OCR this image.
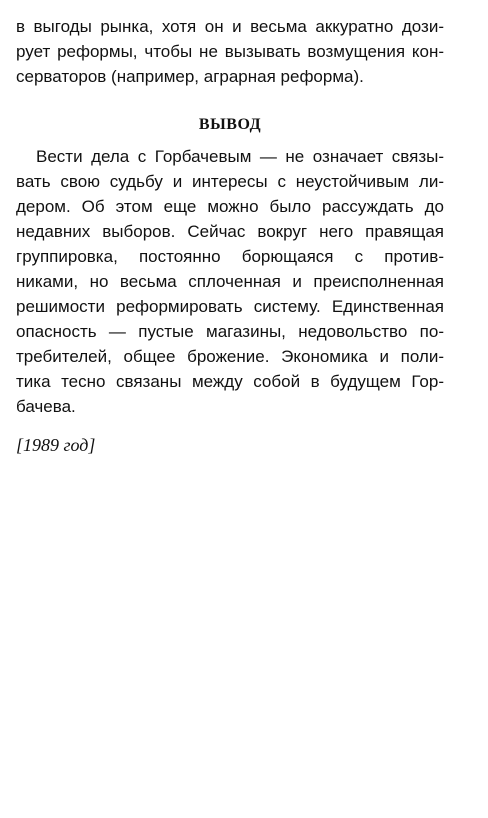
в выгоды рынка, хотя он и весьма аккуратно дози-
рует реформы, чтобы не вызывать возмущения кон-
серваторов (например, аграрная реформа).
ВЫВОД
Вести дела с Горбачевым — не означает связы-
вать свою судьбу и интересы с неустойчивым ли-
дером. Об этом еще можно было рассуждать до
недавних выборов. Сейчас вокруг него правящая
группировка, постоянно борющаяся с против-
никами, но весьма сплоченная и преисполненная
решимости реформировать систему. Единственная
опасность — пустые магазины, недовольство по-
требителей, общее брожение. Экономика и поли-
тика тесно связаны между собой в будущем Гор-
бачева.
[1989 год]
